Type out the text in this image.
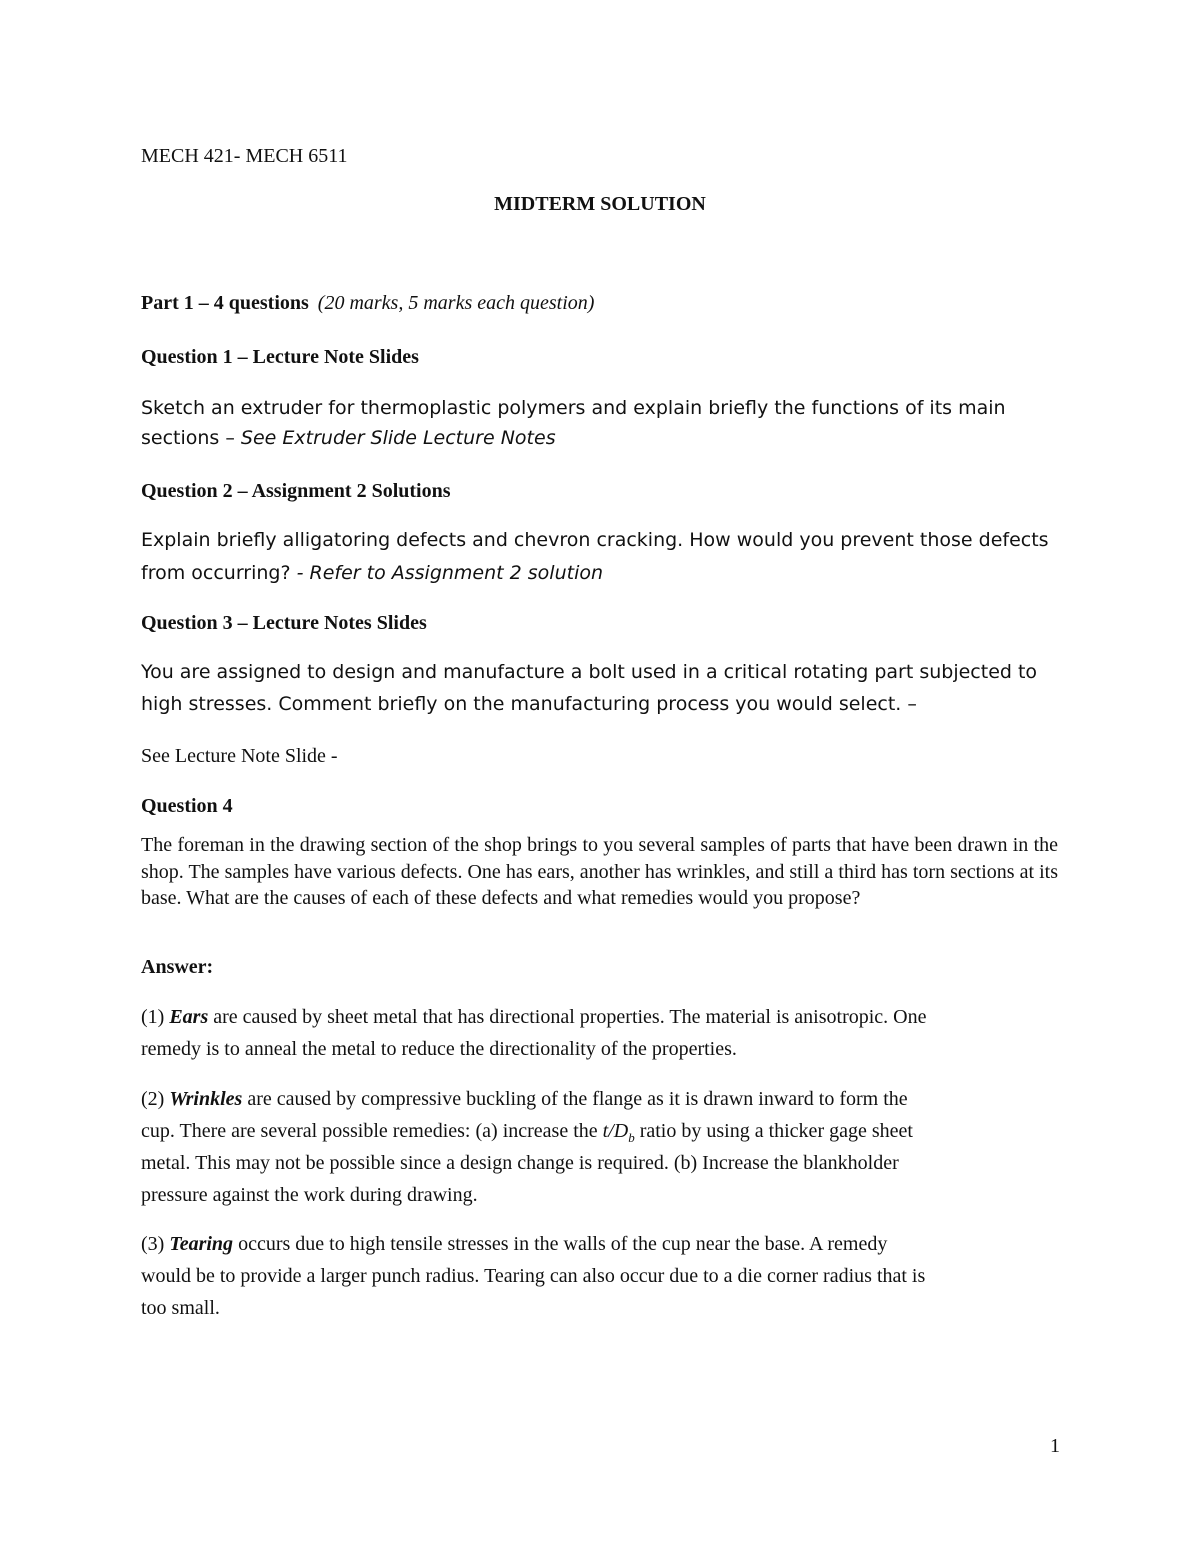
MECH 421- MECH 6511
MIDTERM SOLUTION
Part 1 – 4 questions (20 marks, 5 marks each question)
Question 1 – Lecture Note Slides
Sketch an extruder for thermoplastic polymers and explain briefly the functions of its main
sections – See Extruder Slide Lecture Notes
Question 2 – Assignment 2 Solutions
Explain briefly alligatoring defects and chevron cracking. How would you prevent those defects
from occurring? - Refer to Assignment 2 solution
Question 3 – Lecture Notes Slides
You are assigned to design and manufacture a bolt used in a critical rotating part subjected to
high stresses. Comment briefly on the manufacturing process you would select. –
See Lecture Note Slide -
Question 4
The foreman in the drawing section of the shop brings to you several samples of parts that have been drawn in the shop. The samples have various defects. One has ears, another has wrinkles, and still a third has torn sections at its base. What are the causes of each of these defects and what remedies would you propose?
Answer:
(1) Ears are caused by sheet metal that has directional properties. The material is anisotropic. One
remedy is to anneal the metal to reduce the directionality of the properties.
(2) Wrinkles are caused by compressive buckling of the flange as it is drawn inward to form the
cup. There are several possible remedies: (a) increase the $t/D_b$ ratio by using a thicker gage sheet
metal. This may not be possible since a design change is required. (b) Increase the blankholder
pressure against the work during drawing.
(3) Tearing occurs due to high tensile stresses in the walls of the cup near the base. A remedy
would be to provide a larger punch radius. Tearing can also occur due to a die corner radius that is
too small.
1
